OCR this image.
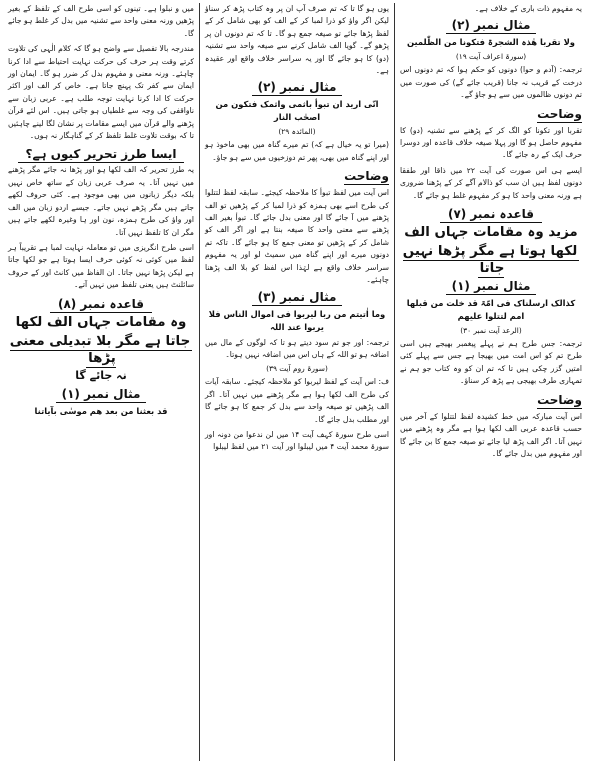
یہ مفہوم ذات باری کے خلاف ہے۔

مثال نمبر (۲)

ولا تقربا ھٰذہ الشجرۃ فتکونا من الظّٰلمین

(سورۃ اعراف آیت ۱۹)

ترجمہ: (آدم و حوا) دونوں کو حکم ہوا کہ تم دونوں اس درخت کے قریب نہ جانا (قریب جائے گے) کی صورت میں تم دونوں ظالموں میں سے ہو جاؤ گے۔

وضاحت

تقربا اور تکونا کو الگ کر کے پڑھنے سے تشنیہ (دو) کا مفہوم حاصل ہو گا اور پہلا صیغہ خلاف قاعدہ اور دوسرا حرف ایک کے رہ جائے گا۔

ایسے ہی اس صورت کی آیت ۲۲ میں ذاقا اور طفقا دونوں لفظ ہیں ان سب کو ذالام آگے کر کے پڑھنا ضروری ہے ورنہ معنی واحد کا ہو کر مفہوم غلط ہو جائے گا۔

قاعدہ نمبر (۷)
مزید وہ مقامات جہاں الف
لکھا ہوتا ہے مگر پڑھا نہیں جاتا
مثال نمبر (۱)

کذالک ارسلناک فی امّۃ قد خلت من قبلھا امم لتتلوا علیھم

(الرعد آیت نمبر ۳۰)

ترجمہ: جس طرح ہم نے پہلے پیغمبر بھیجے ہیں اسی طرح تم کو اس امت میں بھیجا ہے جس سے پہلے کئی امتیں گزر چکی ہیں تا کہ تم ان کو وہ کتاب جو ہم نے تمہاری طرف بھیجی ہے پڑھ کر سناؤ۔

وضاحت

اس آیت مبارکہ میں خط کشیدہ لفظ لتتلوا کے آخر میں حسب قاعدہ عربی الف لکھا ہوا ہے مگر وہ پڑھنے میں نہیں آتا۔ اگر الف پڑھ لیا جائے تو صیغہ جمع کا بن جائے گا اور مفہوم میں بدل جائے گا۔

یوں ہو گا تا کہ تم صرف آپ ان پر وہ کتاب پڑھ کر سناؤ لیکن اگر واؤ کو ذرا لمبا کر کے الف کو بھی شامل کر کے لفظ پڑھا جائے تو صیغہ جمع ہو گا۔ تا کہ تم دونوں ان پر پڑھو گے۔ گویا الف شامل کرنے سے صیغہ واحد سے تشنیہ (دو) کا ہو جائے گا اور یہ سراسر خلاف واقع اور عقیدہ ہے۔

مثال نمبر (۲)

انّی ارید ان تبوأ باثمی واثمک فتکون من اصحٰب النار

(المائدہ ۲۹)

(میرا تو یہ خیال ہے کہ) تم میرے گناہ میں بھی ماخوذ ہو اور اپنے گناہ میں بھی، پھر تم دوزخیوں میں سے ہو جاؤ۔

وضاحت

اس آیت میں لفظ تبوأ کا ملاحظہ کیجئے۔ سابقہ لفظ لتتلوا کی طرح اسے بھی ہمزہ کو ذرا لمبا کر کے پڑھیں تو الف پڑھنے میں آ جائے گا اور معنی بدل جائے گا۔ تبوأ بغیر الف پڑھنے سے معنی واحد کا صیغہ بنتا ہے اور اگر الف کو شامل کر کے پڑھیں تو معنی جمع کا ہو جائے گا۔ تاکہ تم دونوں میرے اور اپنے گناہ میں سمیٹ لو اور یہ مفہوم سراسر خلاف واقع ہے لہٰذا اس لفظ کو بلا الف پڑھنا چاہئے۔

مثال نمبر (۳)

وما اٰتیتم من ربا لیربوا فی اموال الناس فلا یربوا عند اللہ

ترجمہ: اور جو تم سود دیتے ہو تا کہ لوگوں کے مال میں اضافہ ہو تو اللہ کے ہاں اس میں اضافہ نہیں ہوتا۔

(سورۃ روم آیت ۳۹)

ف: اس آیت کے لفظ لیربوا کو ملاحظہ کیجئے۔ سابقہ آیات کی طرح الف لکھا ہوا ہے مگر پڑھنے میں نہیں آتا۔ اگر الف پڑھیں تو صیغہ واحد سے بدل کر جمع کا ہو جائے گا اور مطلب بدل جائے گا۔

اسی طرح سورۃ کہف آیت ۱۴ میں لن ندعوا من دونہ اور سورۃ محمد آیت ۴ میں لیبلوا اور آیت ۲۱ میں لفظ لیبلوا

میں و نبلوا ہے۔ تینوں کو اسی طرح الف کے تلفظ کے بغیر پڑھیں ورنہ معنی واحد سے تشنیہ میں بدل کر غلط ہو جائے گا۔

مندرجہ بالا تفصیل سے واضح ہو گا کہ کلام الٰہی کی تلاوت کرتے وقت ہر حرف کی حرکت نہایت احتیاط سے ادا کرنا چاہئے۔ ورنہ معنی و مفہوم بدل کر ضرر ہو گا۔ ایمان اور ایمان سے کفر تک پہنچ جاتا ہے۔ خاص کر الف اور اکثر حرکت کا ادا کرنا نہایت توجہ طلب ہے۔ عربی زبان سے ناواقفی کی وجہ سے غلطیاں ہو جاتی ہیں۔ اس لئے قرآن پڑھنے والے قرآن میں ایسے مقامات پر نشان لگا لینے چاہئیں تا کہ بوقت تلاوت غلط تلفظ کر کے گناہگار نہ ہوں۔

ایسا طرز تحریر کیوں ہے؟

یہ طرز تحریر کہ الف لکھا ہو اور پڑھا نہ جائے مگر پڑھنے میں نہیں آتا۔ یہ صرف عربی زبان کے ساتھ خاص نہیں بلکہ دیگر زبانوں میں بھی موجود ہے۔ کئی حروف لکھے جاتے ہیں مگر پڑھے نہیں جاتے۔ جیسے اردو زبان میں الف اور واؤ کی طرح ہمزہ، نون اور ہا وغیرہ لکھے جاتے ہیں مگر ان کا تلفظ نہیں آتا۔

اسی طرح انگریزی میں تو معاملہ نہایت لمبا ہے تقریباً ہر لفظ میں کوئی نہ کوئی حرف ایسا ہوتا ہے جو لکھا جاتا ہے لیکن پڑھا نہیں جاتا۔ ان الفاظ میں کانٹ اور کے حروف سائلنٹ ہیں یعنی تلفظ میں نہیں آتے۔

قاعدہ نمبر (۸)
وہ مقامات جہاں الف لکھا
جاتا ہے مگر بلا تبدیلی معنی پڑھا
نہ جائے گا
مثال نمبر (۱)

قد بعثنا من بعد ھم موسٰی بآیاتنا
